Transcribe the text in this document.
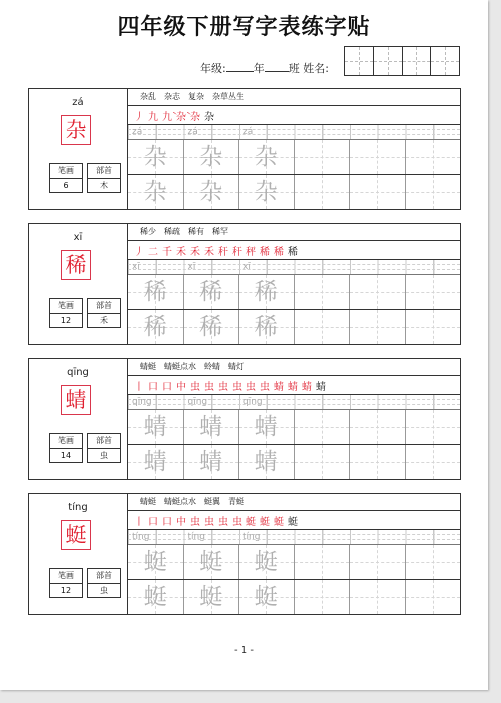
四年级下册写字表练字贴
年级:	年 班 姓名:
zá
杂
笔画
6
部首
木
杂乱 杂志 复杂 杂草丛生
丿 九 九̀ 杂̀ 杂 杂
zá	zá	zá
杂	杂	杂
杂	杂	杂
xī
稀
笔画
12
部首
禾
稀少 稀疏 稀有 稀罕
丿 二 千 禾 禾 禾 秆 秆 秤 稀 稀 稀
xī	xī	xī
稀	稀	稀
稀	稀	稀
qīng
蜻
笔画
14
部首
虫
蜻蜓 蜻蜓点水 蛉蜻 蜻灯
丨 口 口 中 虫 虫 虫 虫 虫 虫 蜻 蜻 蜻 蜻
qīng	qīng	qīng
蜻	蜻	蜻
蜻	蜻	蜻
tíng
蜓
笔画
12
部首
虫
蜻蜓 蜻蜓点水 蜓翼 青蜓
丨 口 口 中 虫 虫 虫 虫 蜓 蜓 蜓 蜓
tíng	tíng	tíng
蜓	蜓	蜓
蜓	蜓	蜓
- 1 -
